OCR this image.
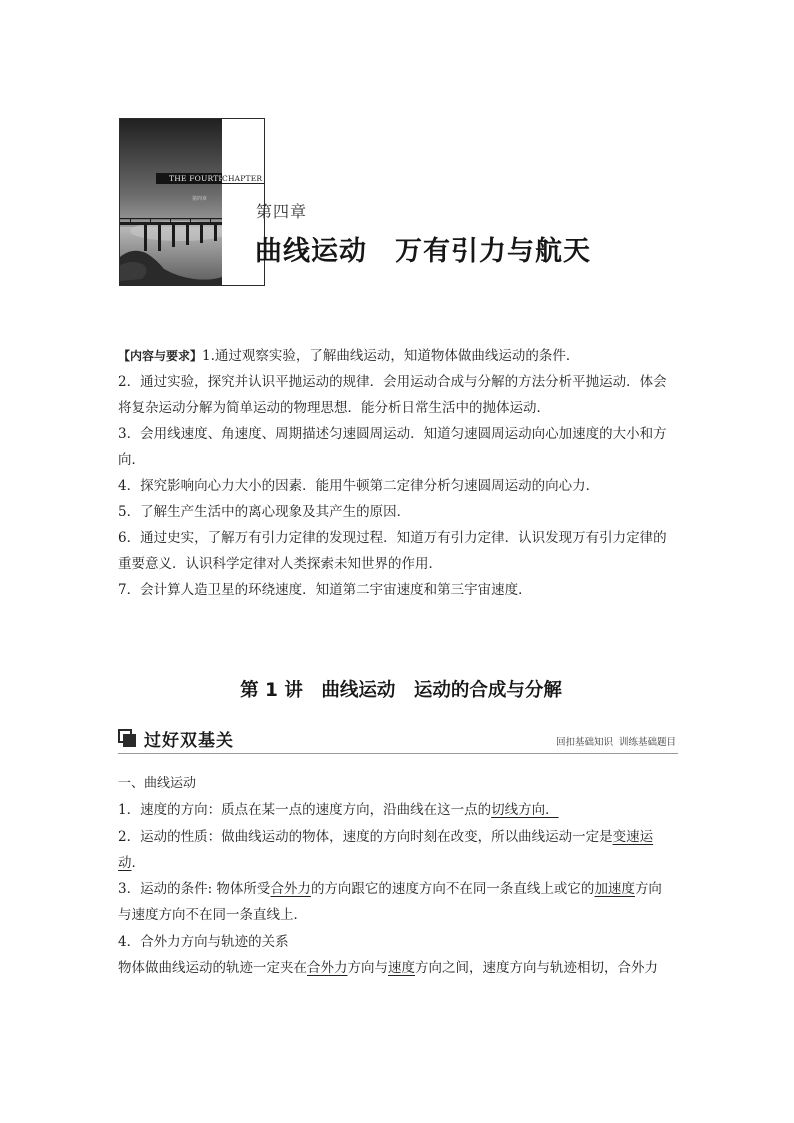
THE FOURTH
CHAPTER
第四章
第四章
曲线运动　万有引力与航天

【内容与要求】1.通过观察实验，了解曲线运动，知道物体做曲线运动的条件．

2．通过实验，探究并认识平抛运动的规律．会用运动合成与分解的方法分析平抛运动．体会

将复杂运动分解为简单运动的物理思想．能分析日常生活中的抛体运动．

3．会用线速度、角速度、周期描述匀速圆周运动．知道匀速圆周运动向心加速度的大小和方

向．

4．探究影响向心力大小的因素．能用牛顿第二定律分析匀速圆周运动的向心力．

5．了解生产生活中的离心现象及其产生的原因．

6．通过史实，了解万有引力定律的发现过程．知道万有引力定律．认识发现万有引力定律的

重要意义．认识科学定律对人类探索未知世界的作用．

7．会计算人造卫星的环绕速度．知道第二宇宙速度和第三宇宙速度．

第 1 讲　曲线运动　运动的合成与分解
过好双基关	回扣基础知识  训练基础题目

一、曲线运动

1．速度的方向：质点在某一点的速度方向，沿曲线在这一点的切线方向．

2．运动的性质：做曲线运动的物体，速度的方向时刻在改变，所以曲线运动一定是变速运

动．

3．运动的条件: 物体所受合外力的方向跟它的速度方向不在同一条直线上或它的加速度方向

与速度方向不在同一条直线上．

4．合外力方向与轨迹的关系

物体做曲线运动的轨迹一定夹在合外力方向与速度方向之间，速度方向与轨迹相切，合外力
